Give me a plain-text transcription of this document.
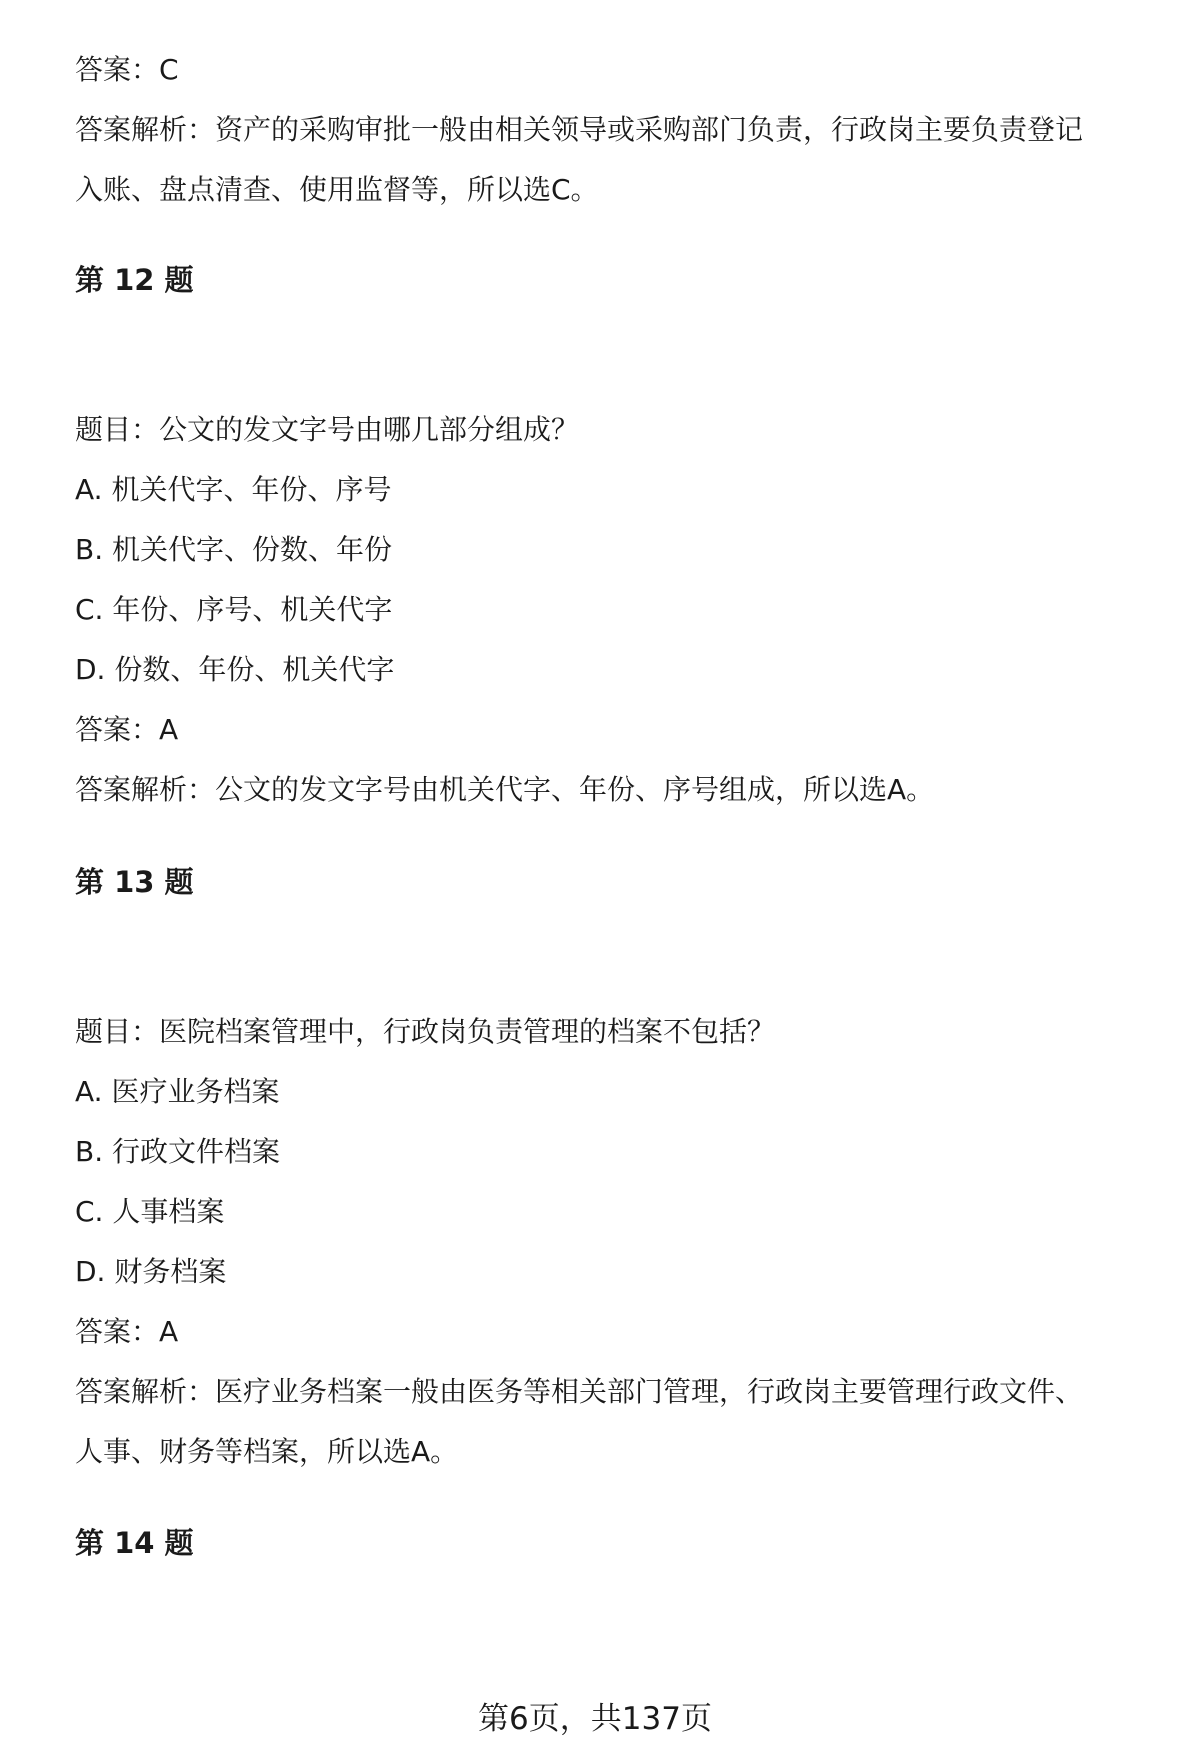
答案：C
答案解析：资产的采购审批一般由相关领导或采购部门负责，行政岗主要负责登记
入账、盘点清查、使用监督等，所以选C。
第 12 题
题目：公文的发文字号由哪几部分组成？
A. 机关代字、年份、序号
B. 机关代字、份数、年份
C. 年份、序号、机关代字
D. 份数、年份、机关代字
答案：A
答案解析：公文的发文字号由机关代字、年份、序号组成，所以选A。
第 13 题
题目：医院档案管理中，行政岗负责管理的档案不包括？
A. 医疗业务档案
B. 行政文件档案
C. 人事档案
D. 财务档案
答案：A
答案解析：医疗业务档案一般由医务等相关部门管理，行政岗主要管理行政文件、
人事、财务等档案，所以选A。
第 14 题
第6页，共137页
